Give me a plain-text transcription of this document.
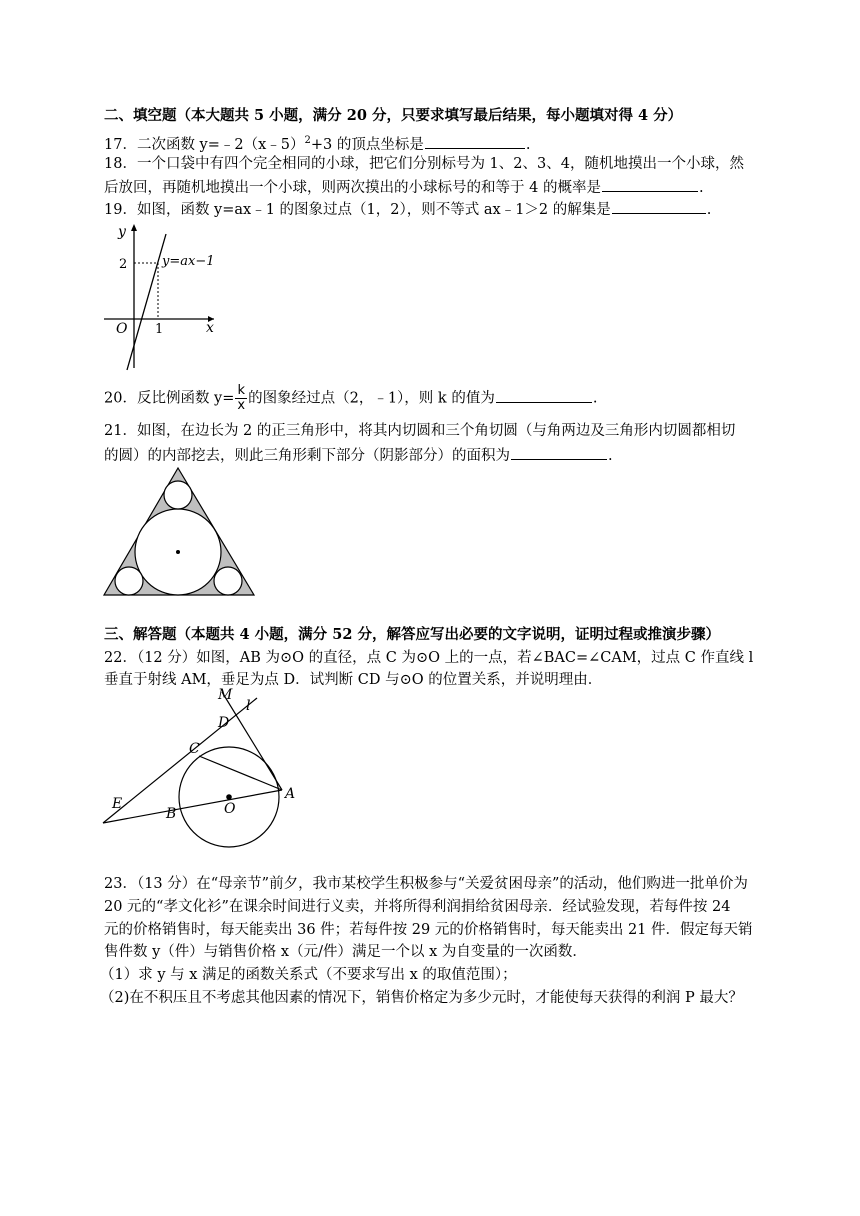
二、填空题（本大题共 5 小题，满分 20 分，只要求填写最后结果，每小题填对得 4 分）
17．二次函数 y=﹣2（x﹣5）$^2$+3 的顶点坐标是	.
18．一个口袋中有四个完全相同的小球，把它们分别标号为 1、2、3、4，随机地摸出一个小球，然
后放回，再随机地摸出一个小球，则两次摸出的小球标号的和等于 4 的概率是	.
19．如图，函数 y=ax﹣1 的图象过点（1，2），则不等式 ax﹣1＞2 的解集是	.
y
x
O
2
1
y=ax−1
20．反比例函数 $y= \frac{k}{x}$ 的图象经过点（2，﹣1），则 k 的值为	.
21．如图，在边长为 2 的正三角形中，将其内切圆和三个角切圆（与角两边及三角形内切圆都相切
的圆）的内部挖去，则此三角形剩下部分（阴影部分）的面积为	.
三、解答题（本题共 4 小题，满分 52 分，解答应写出必要的文字说明，证明过程或推演步骤）
22．（12 分）如图，AB 为⊙O 的直径，点 C 为⊙O 上的一点，若∠BAC=∠CAM，过点 C 作直线 l
垂直于射线 AM，垂足为点 D．试判断 CD 与⊙O 的位置关系，并说明理由．
M
l
D
C
E
B	O
A
23．（13 分）在“母亲节”前夕，我市某校学生积极参与“关爱贫困母亲”的活动，他们购进一批单价为
20 元的“孝文化衫”在课余时间进行义卖，并将所得利润捐给贫困母亲．经试验发现，若每件按 24
元的价格销售时，每天能卖出 36 件；若每件按 29 元的价格销售时，每天能卖出 21 件．假定每天销
售件数 y（件）与销售价格 x（元/件）满足一个以 x 为自变量的一次函数．
（1）求 y 与 x 满足的函数关系式（不要求写出 x 的取值范围）；
（2)在不积压且不考虑其他因素的情况下，销售价格定为多少元时，才能使每天获得的利润 P 最大？
